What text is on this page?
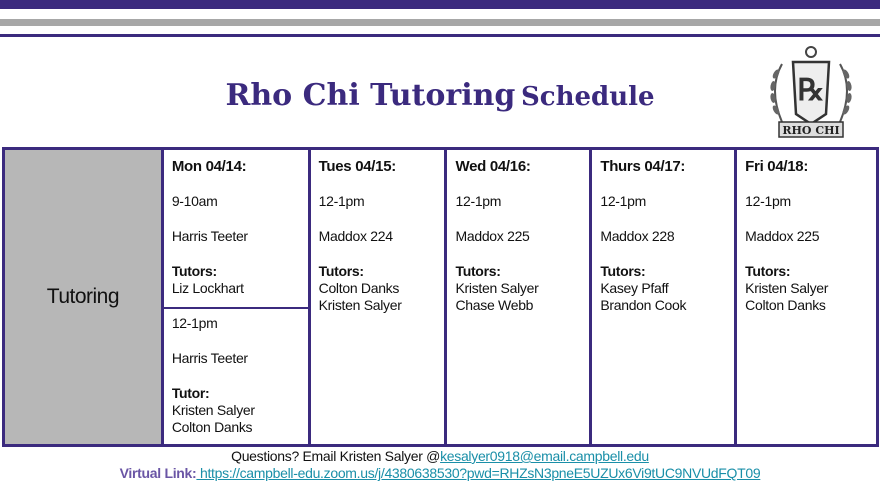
Rho Chi Tutoring Schedule	℞
RHO CHI
Tutoring
Mon 04/14:
9-10am
Harris Teeter
Tutors:
Liz Lockhart
12-1pm
Harris Teeter
Tutor:
Kristen Salyer
Colton Danks
Tues 04/15:
12-1pm
Maddox 224
Tutors:
Colton Danks
Kristen Salyer
Wed 04/16:
12-1pm
Maddox 225
Tutors:
Kristen Salyer
Chase Webb
Thurs 04/17:
12-1pm
Maddox 228
Tutors:
Kasey Pfaff
Brandon Cook
Fri 04/18:
12-1pm
Maddox 225
Tutors:
Kristen Salyer
Colton Danks
Questions? Email Kristen Salyer @kesalyer0918@email.campbell.edu
Virtual Link: https://campbell-edu.zoom.us/j/4380638530?pwd=RHZsN3pneE5UZUx6Vi9tUC9NVUdFQT09
